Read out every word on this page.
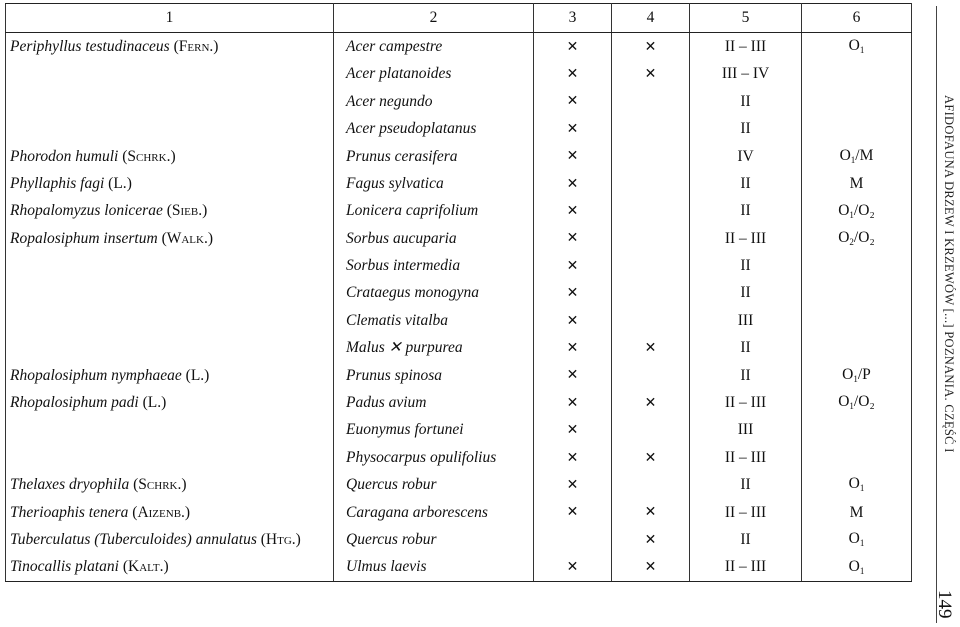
1	2	3	4	5	6
Periphyllus testudinaceus (Fern.)	Acer campestre	✕	✕	II – III	$O_1$
	Acer platanoides	✕	✕	III – IV	
	Acer negundo	✕		II	
	Acer pseudoplatanus	✕		II	
Phorodon humuli (Schrk.)	Prunus cerasifera	✕		IV	$O_1/M$
Phyllaphis fagi (L.)	Fagus sylvatica	✕		II	M
Rhopalomyzus lonicerae (Sieb.)	Lonicera caprifolium	✕		II	$O_1/O_2$
Ropalosiphum insertum (Walk.)	Sorbus aucuparia	✕		II – III	$O_2/O_2$
	Sorbus intermedia	✕		II	
	Crataegus monogyna	✕		II	
	Clematis vitalba	✕		III	
	Malus ✕ purpurea	✕	✕	II	
Rhopalosiphum nymphaeae (L.)	Prunus spinosa	✕		II	$O_1/P$
Rhopalosiphum padi (L.)	Padus avium	✕	✕	II – III	$O_1/O_2$
	Euonymus fortunei	✕		III	
	Physocarpus opulifolius	✕	✕	II – III	
Thelaxes dryophila (Schrk.)	Quercus robur	✕		II	$O_1$
Therioaphis tenera (Aizenb.)	Caragana arborescens	✕	✕	II – III	M
Tuberculatus (Tuberculoides) annulatus (Htg.)	Quercus robur		✕	II	$O_1$
Tinocallis platani (Kalt.)	Ulmus laevis	✕	✕	II – III	$O_1$
AFIDOFAUNA DRZEW I KRZEWÓW [...] POZNANIA. CZĘŚĆ I
149
